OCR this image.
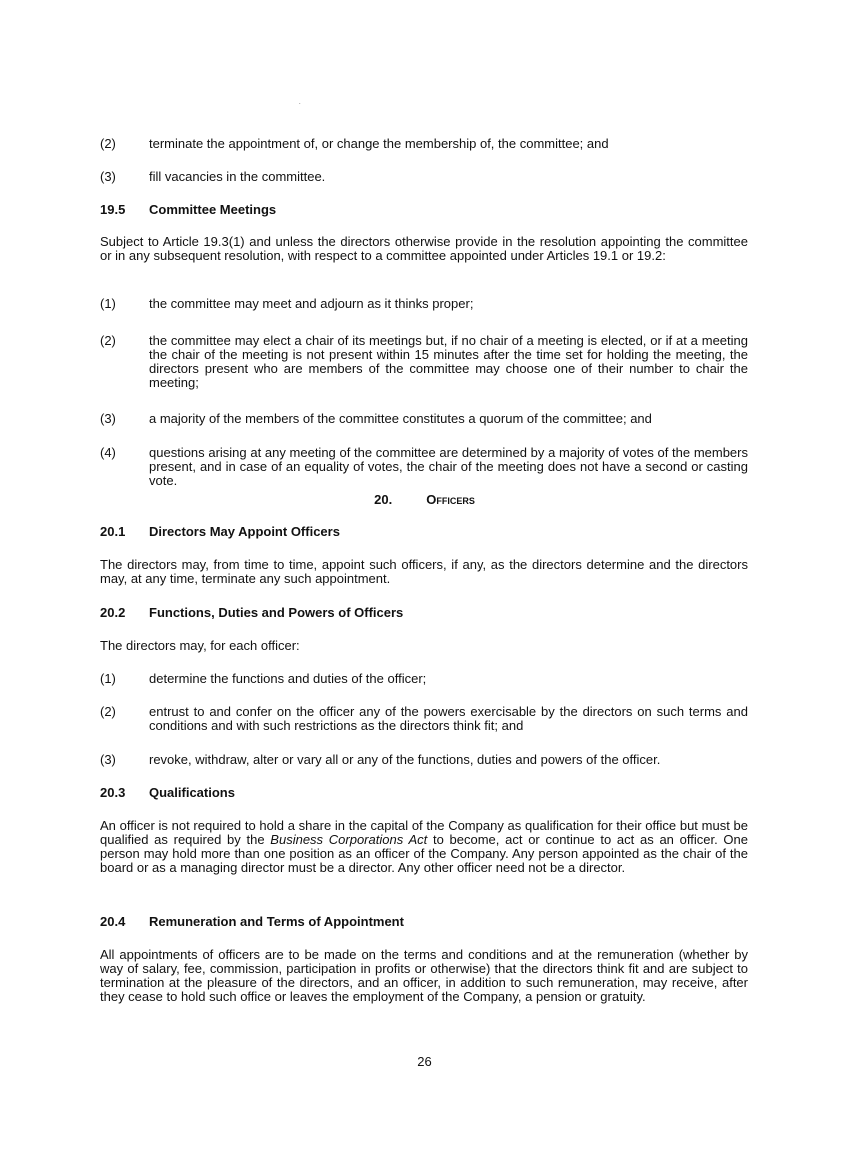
.
(2)	terminate the appointment of, or change the membership of, the committee; and
(3)	fill vacancies in the committee.
19.5 Committee Meetings
Subject to Article 19.3(1) and unless the directors otherwise provide in the resolution appointing the committee or in any subsequent resolution, with respect to a committee appointed under Articles 19.1 or 19.2:
(1)	the committee may meet and adjourn as it thinks proper;
(2)	the committee may elect a chair of its meetings but, if no chair of a meeting is elected, or if at a meeting the chair of the meeting is not present within 15 minutes after the time set for holding the meeting, the directors present who are members of the committee may choose one of their number to chair the meeting;
(3)	a majority of the members of the committee constitutes a quorum of the committee; and
(4)	questions arising at any meeting of the committee are determined by a majority of votes of the members present, and in case of an equality of votes, the chair of the meeting does not have a second or casting vote.
20.	Officers
20.1 Directors May Appoint Officers
The directors may, from time to time, appoint such officers, if any, as the directors determine and the directors may, at any time, terminate any such appointment.
20.2 Functions, Duties and Powers of Officers
The directors may, for each officer:
(1)	determine the functions and duties of the officer;
(2)	entrust to and confer on the officer any of the powers exercisable by the directors on such terms and conditions and with such restrictions as the directors think fit; and
(3)	revoke, withdraw, alter or vary all or any of the functions, duties and powers of the officer.
20.3 Qualifications
An officer is not required to hold a share in the capital of the Company as qualification for their office but must be qualified as required by the Business Corporations Act to become, act or continue to act as an officer. One person may hold more than one position as an officer of the Company. Any person appointed as the chair of the board or as a managing director must be a director. Any other officer need not be a director.
20.4 Remuneration and Terms of Appointment
All appointments of officers are to be made on the terms and conditions and at the remuneration (whether by way of salary, fee, commission, participation in profits or otherwise) that the directors think fit and are subject to termination at the pleasure of the directors, and an officer, in addition to such remuneration, may receive, after they cease to hold such office or leaves the employment of the Company, a pension or gratuity.
26
